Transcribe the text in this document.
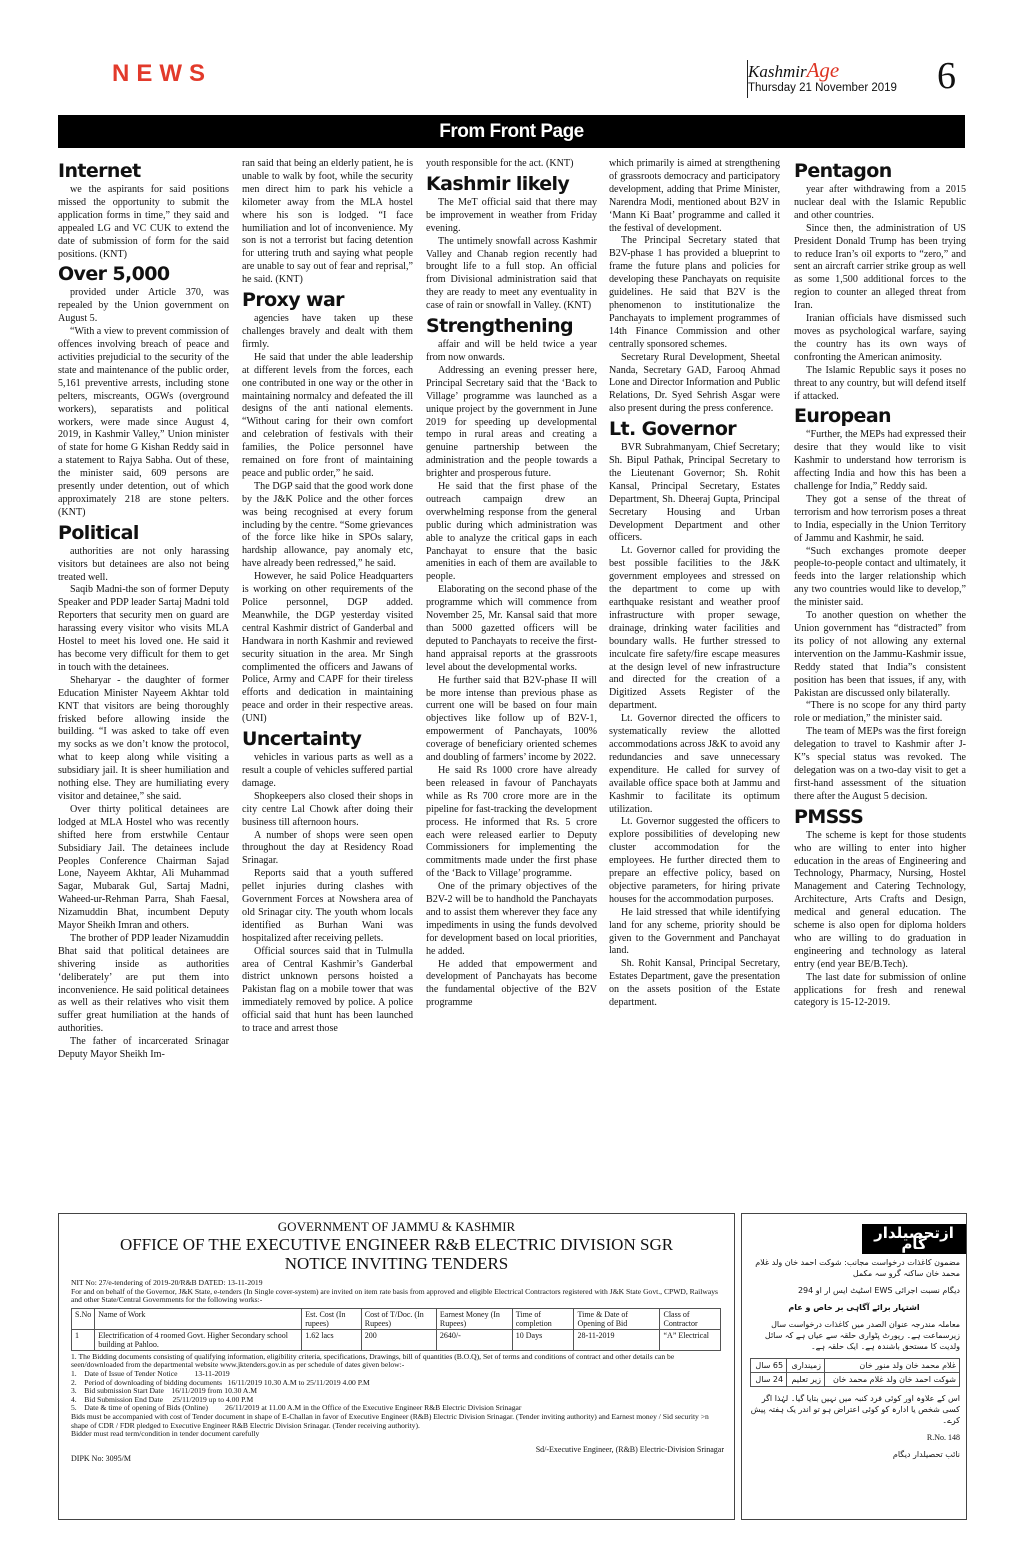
NEWS	KashmirAge
Thursday 21 November 2019 6
From Front Page
Internet

we the aspirants for said positions missed the opportunity to submit the application forms in time,” they said and appealed LG and VC CUK to extend the date of submission of form for the said positions. (KNT)

Over 5,000

provided under Article 370, was repealed by the Union government on August 5.

“With a view to prevent commission of offences involving breach of peace and activities prejudicial to the security of the state and maintenance of the public order, 5,161 preventive arrests, including stone pelters, miscreants, OGWs (overground workers), separatists and political workers, were made since August 4, 2019, in Kashmir Valley,” Union minister of state for home G Kishan Reddy said in a statement to Rajya Sabha. Out of these, the minister said, 609 persons are presently under detention, out of which approximately 218 are stone pelters. (KNT)

Political

authorities are not only harassing visitors but detainees are also not being treated well.

Saqib Madni-the son of former Deputy Speaker and PDP leader Sartaj Madni told Reporters that security men on guard are harassing every visitor who visits MLA Hostel to meet his loved one. He said it has become very difficult for them to get in touch with the detainees.

Sheharyar - the daughter of former Education Minister Nayeem Akhtar told KNT that visitors are being thoroughly frisked before allowing inside the building. “I was asked to take off even my socks as we don’t know the protocol, what to keep along while visiting a subsidiary jail. It is sheer humiliation and nothing else. They are humiliating every visitor and detainee,” she said.

Over thirty political detainees are lodged at MLA Hostel who was recently shifted here from erstwhile Centaur Subsidiary Jail. The detainees include Peoples Conference Chairman Sajad Lone, Nayeem Akhtar, Ali Muhammad Sagar, Mubarak Gul, Sartaj Madni, Waheed-ur-Rehman Parra, Shah Faesal, Nizamuddin Bhat, incumbent Deputy Mayor Sheikh Imran and others.

The brother of PDP leader Nizamuddin Bhat said that political detainees are shivering inside as authorities ‘deliberately’ are put them into inconvenience. He said political detainees as well as their relatives who visit them suffer great humiliation at the hands of authorities.

The father of incarcerated Srinagar Deputy Mayor Sheikh Im-

ran said that being an elderly patient, he is unable to walk by foot, while the security men direct him to park his vehicle a kilometer away from the MLA hostel where his son is lodged. “I face humiliation and lot of inconvenience. My son is not a terrorist but facing detention for uttering truth and saying what people are unable to say out of fear and reprisal,” he said. (KNT)

Proxy war

agencies have taken up these challenges bravely and dealt with them firmly.

He said that under the able leadership at different levels from the forces, each one contributed in one way or the other in maintaining normalcy and defeated the ill designs of the anti national elements. “Without caring for their own comfort and celebration of festivals with their families, the Police personnel have remained on fore front of maintaining peace and public order,” he said.

The DGP said that the good work done by the J&K Police and the other forces was being recognised at every forum including by the centre. “Some grievances of the force like hike in SPOs salary, hardship allowance, pay anomaly etc, have already been redressed,” he said.

However, he said Police Headquarters is working on other requirements of the Police personnel, DGP added. Meanwhile, the DGP yesterday visited central Kashmir district of Ganderbal and Handwara in north Kashmir and reviewed security situation in the area. Mr Singh complimented the officers and Jawans of Police, Army and CAPF for their tireless efforts and dedication in maintaining peace and order in their respective areas. (UNI)

Uncertainty

vehicles in various parts as well as a result a couple of vehicles suffered partial damage.

Shopkeepers also closed their shops in city centre Lal Chowk after doing their business till afternoon hours.

A number of shops were seen open throughout the day at Residency Road Srinagar.

Reports said that a youth suffered pellet injuries during clashes with Government Forces at Nowshera area of old Srinagar city. The youth whom locals identified as Burhan Wani was hospitalized after receiving pellets.

Official sources said that in Tulmulla area of Central Kashmir’s Ganderbal district unknown persons hoisted a Pakistan flag on a mobile tower that was immediately removed by police. A police official said that hunt has been launched to trace and arrest those

youth responsible for the act. (KNT)

Kashmir likely

The MeT official said that there may be improvement in weather from Friday evening.

The untimely snowfall across Kashmir Valley and Chanab region recently had brought life to a full stop. An official from Divisional administration said that they are ready to meet any eventuality in case of rain or snowfall in Valley. (KNT)

Strengthening

affair and will be held twice a year from now onwards.

Addressing an evening presser here, Principal Secretary said that the ‘Back to Village’ programme was launched as a unique project by the government in June 2019 for speeding up developmental tempo in rural areas and creating a genuine partnership between the administration and the people towards a brighter and prosperous future.

He said that the first phase of the outreach campaign drew an overwhelming response from the general public during which administration was able to analyze the critical gaps in each Panchayat to ensure that the basic amenities in each of them are available to people.

Elaborating on the second phase of the programme which will commence from November 25, Mr. Kansal said that more than 5000 gazetted officers will be deputed to Panchayats to receive the first-hand appraisal reports at the grassroots level about the developmental works.

He further said that B2V-phase II will be more intense than previous phase as current one will be based on four main objectives like follow up of B2V-1, empowerment of Panchayats, 100% coverage of beneficiary oriented schemes and doubling of farmers’ income by 2022.

He said Rs 1000 crore have already been released in favour of Panchayats while as Rs 700 crore more are in the pipeline for fast-tracking the development process. He informed that Rs. 5 crore each were released earlier to Deputy Commissioners for implementing the commitments made under the first phase of the ‘Back to Village’ programme.

One of the primary objectives of the B2V-2 will be to handhold the Panchayats and to assist them wherever they face any impediments in using the funds devolved for development based on local priorities, he added.

He added that empowerment and development of Panchayats has become the fundamental objective of the B2V programme

which primarily is aimed at strengthening of grassroots democracy and participatory development, adding that Prime Minister, Narendra Modi, mentioned about B2V in ‘Mann Ki Baat’ programme and called it the festival of development.

The Principal Secretary stated that B2V-phase 1 has provided a blueprint to frame the future plans and policies for developing these Panchayats on requisite guidelines. He said that B2V is the phenomenon to institutionalize the Panchayats to implement programmes of 14th Finance Commission and other centrally sponsored schemes.

Secretary Rural Development, Sheetal Nanda, Secretary GAD, Farooq Ahmad Lone and Director Information and Public Relations, Dr. Syed Sehrish Asgar were also present during the press conference.

Lt. Governor

BVR Subrahmanyam, Chief Secretary; Sh. Bipul Pathak, Principal Secretary to the Lieutenant Governor; Sh. Rohit Kansal, Principal Secretary, Estates Department, Sh. Dheeraj Gupta, Principal Secretary Housing and Urban Development Department and other officers.

Lt. Governor called for providing the best possible facilities to the J&K government employees and stressed on the department to come up with earthquake resistant and weather proof infrastructure with proper sewage, drainage, drinking water facilities and boundary walls. He further stressed to inculcate fire safety/fire escape measures at the design level of new infrastructure and directed for the creation of a Digitized Assets Register of the department.

Lt. Governor directed the officers to systematically review the allotted accommodations across J&K to avoid any redundancies and save unnecessary expenditure. He called for survey of available office space both at Jammu and Kashmir to facilitate its optimum utilization.

Lt. Governor suggested the officers to explore possibilities of developing new cluster accommodation for the employees. He further directed them to prepare an effective policy, based on objective parameters, for hiring private houses for the accommodation purposes.

He laid stressed that while identifying land for any scheme, priority should be given to the Government and Panchayat land.

Sh. Rohit Kansal, Principal Secretary, Estates Department, gave the presentation on the assets position of the Estate department.

Pentagon

year after withdrawing from a 2015 nuclear deal with the Islamic Republic and other countries.

Since then, the administration of US President Donald Trump has been trying to reduce Iran’s oil exports to “zero,” and sent an aircraft carrier strike group as well as some 1,500 additional forces to the region to counter an alleged threat from Iran.

Iranian officials have dismissed such moves as psychological warfare, saying the country has its own ways of confronting the American animosity.

The Islamic Republic says it poses no threat to any country, but will defend itself if attacked.

European

“Further, the MEPs had expressed their desire that they would like to visit Kashmir to understand how terrorism is affecting India and how this has been a challenge for India,” Reddy said.

They got a sense of the threat of terrorism and how terrorism poses a threat to India, especially in the Union Territory of Jammu and Kashmir, he said.

“Such exchanges promote deeper people-to-people contact and ultimately, it feeds into the larger relationship which any two countries would like to develop,” the minister said.

To another question on whether the Union government has “distracted” from its policy of not allowing any external intervention on the Jammu-Kashmir issue, Reddy stated that India”s consistent position has been that issues, if any, with Pakistan are discussed only bilaterally.

“There is no scope for any third party role or mediation,” the minister said.

The team of MEPs was the first foreign delegation to travel to Kashmir after J-K”s special status was revoked. The delegation was on a two-day visit to get a first-hand assessment of the situation there after the August 5 decision.

PMSSS

The scheme is kept for those students who are willing to enter into higher education in the areas of Engineering and Technology, Pharmacy, Nursing, Hostel Management and Catering Technology, Architecture, Arts Crafts and Design, medical and general education. The scheme is also open for diploma holders who are willing to do graduation in engineering and technology as lateral entry (end year BE/B.Tech).

The last date for submission of online applications for fresh and renewal category is 15-12-2019.

GOVERNMENT OF JAMMU & KASHMIR
OFFICE OF THE EXECUTIVE ENGINEER R&B ELECTRIC DIVISION SGR
NOTICE INVITING TENDERS
NIT No: 27/e-tendering of 2019-20/R&B DATED: 13-11-2019
For and on behalf of the Governor, J&K State, e-tenders (In Single cover-system) are invited on item rate basis from approved and eligible Electrical Contractors registered with J&K State Govt., CPWD, Railways and other State/Central Governments for the following works:-
S.No	Name of Work	Est. Cost (In rupees)	Cost of T/Doc. (In Rupees)	Earnest Money (In Rupees)	Time of completion	Time & Date of Opening of Bid	Class of Contractor
1	Electrification of 4 roomed Govt. Higher Secondary school building at Pahloo.	1.62 lacs	200	2640/-	10 Days	28-11-2019	“A” Electrical
1. The Bidding documents consisting of qualifying information, eligibility criteria, specifications, Drawings, bill of quantities (B.O.Q), Set of terms and conditions of contract and other details can be seen/downloaded from the departmental website www.jktenders.gov.in as per schedule of dates given below:-
1.    Date of Issue of Tender Notice         13-11-2019
2.    Period of downloading of bidding documents   16/11/2019 10.30 A.M to 25/11/2019 4.00 P.M
3.    Bid submission Start Date    16/11/2019 from 10.30 A.M
4.    Bid Submission End Date     25/11/2019 up to 4.00 P.M
5.    Date & time of opening of Bids (Online)         26/11/2019 at 11.00 A.M in the Office of the Executive Engineer R&B Electric Division Srinagar
Bids must be accompanied with cost of Tender document in shape of E-Challan in favor of Executive Engineer (R&B) Electric Division Srinagar. (Tender inviting authority) and Earnest money / Sid security >n shape of CDR / FDR pledged to Executive Engineer R&B Electric Division Srinagar. (Tender receiving authority).
Bidder must read term/condition in tender document carefully
Sd/-Executive Engineer, (R&B) Electric-Division Srinagar
DIPK No: 3095/M
ازتحصیلدار گام
مضمون کاغذات درخواست مجانب: شوکت احمد خان ولد غلام محمد خان ساکنہ گرو سہ مکمل
دیگام نسبت اجرائی EWS اسٹیٹ ایس ار او 294
اشتہار برائے آگاہی بر خاص و عام
معاملہ مندرجہ عنوان الصدر میں کاغذات درخواست سال زیرسماعت ہے۔ رپورٹ پٹواری حلقہ سے عیاں ہے کہ سائل ولدیت کا مستحق باشندہ ہے۔ ایک حلقہ ہے۔
غلام محمد خان ولد منور خان	زمینداری	65 سال
شوکت احمد خان ولد غلام محمد خان	زیر تعلیم	24 سال
اس کے علاوہ اور کوئی فرد کنبہ میں نہیں بتایا گیا۔ لہٰذا اگر کسی شخص یا ادارہ کو کوئی اعتراض ہو تو اندر یک ہفتہ پیش کرے۔
R.No. 148
نائب تحصیلدار دیگام
